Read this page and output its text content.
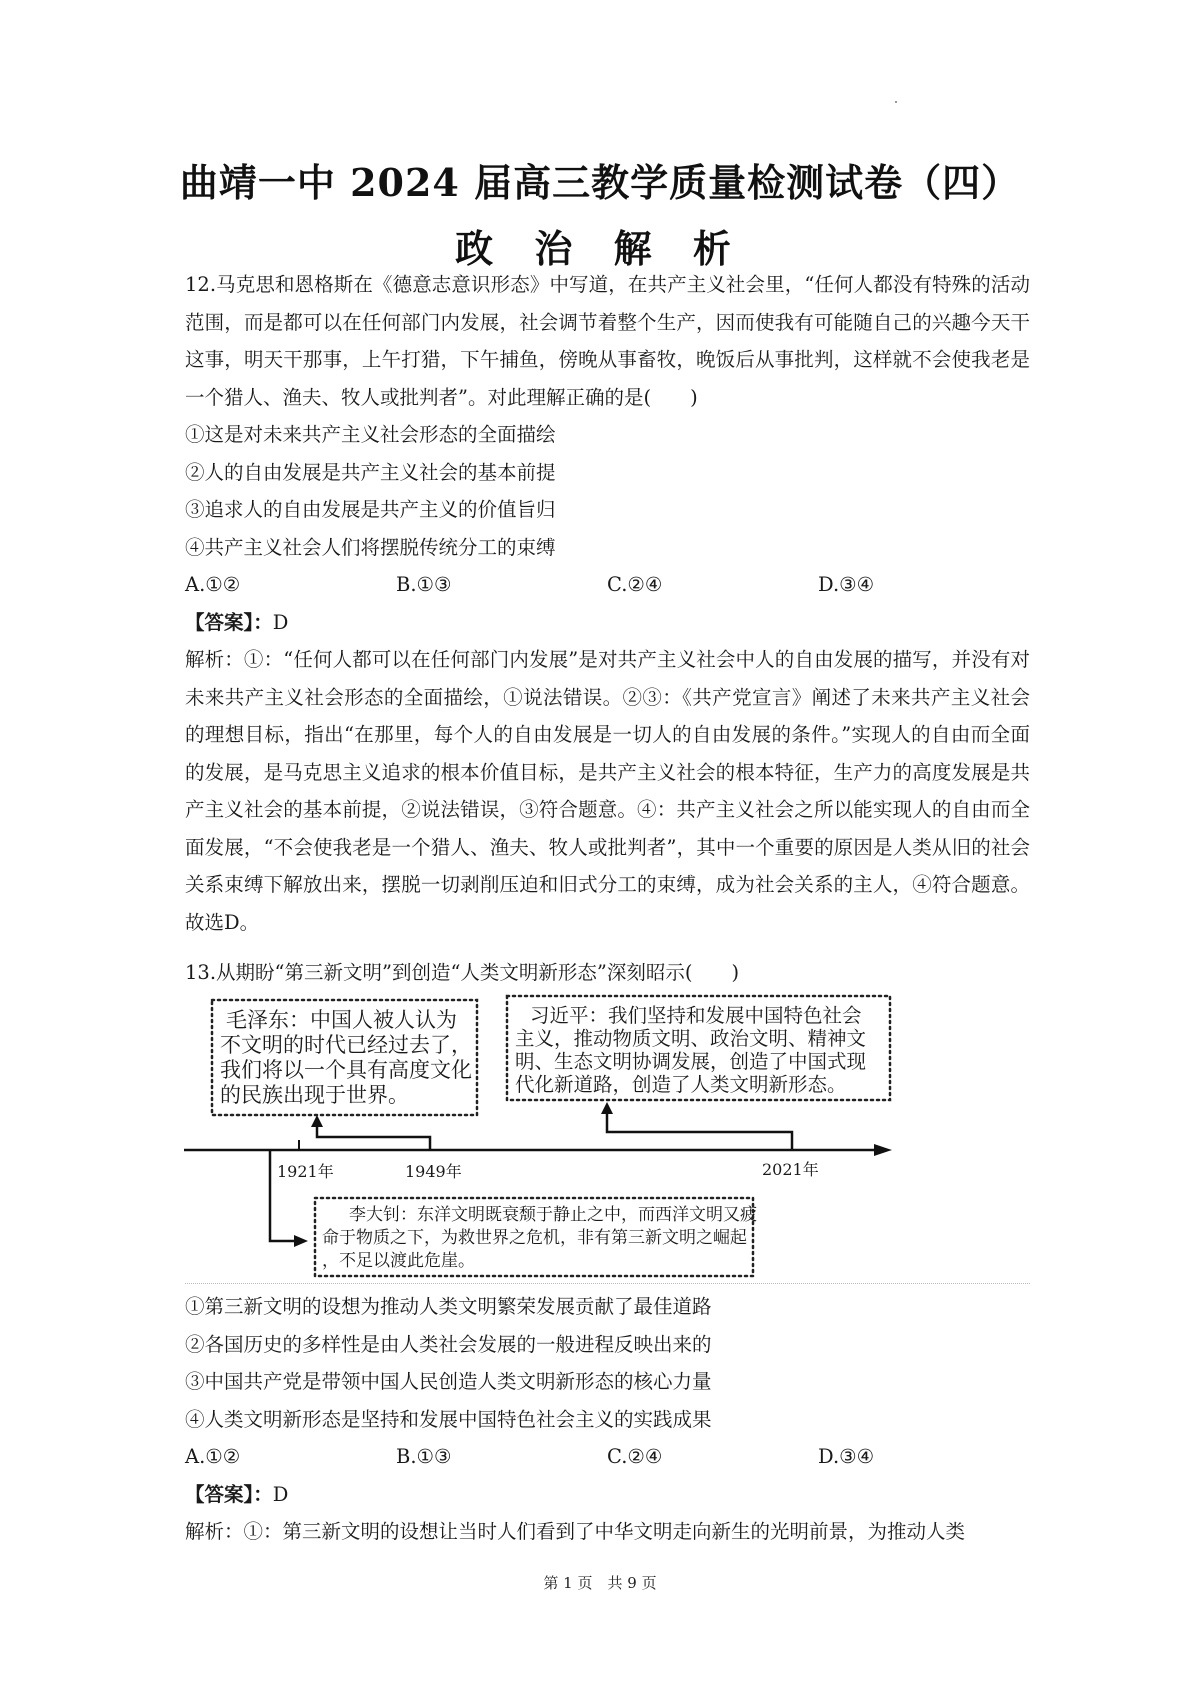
曲靖一中 2024 届高三教学质量检测试卷（四）
政 治 解 析

12.马克思和恩格斯在《德意志意识形态》中写道，在共产主义社会里，“任何人都没有特殊的活动范围，而是都可以在任何部门内发展，社会调节着整个生产，因而使我有可能随自己的兴趣今天干这事，明天干那事，上午打猎，下午捕鱼，傍晚从事畜牧，晚饭后从事批判，这样就不会使我老是一个猎人、渔夫、牧人或批判者”。对此理解正确的是(　　)

①这是对未来共产主义社会形态的全面描绘

②人的自由发展是共产主义社会的基本前提

③追求人的自由发展是共产主义的价值旨归

④共产主义社会人们将摆脱传统分工的束缚

A.①②	B.①③	C.②④	D.③④

【答案】：D

解析：①：“任何人都可以在任何部门内发展”是对共产主义社会中人的自由发展的描写，并没有对未来共产主义社会形态的全面描绘，①说法错误。②③：《共产党宣言》阐述了未来共产主义社会的理想目标，指出“在那里，每个人的自由发展是一切人的自由发展的条件。”实现人的自由而全面的发展，是马克思主义追求的根本价值目标，是共产主义社会的根本特征，生产力的高度发展是共产主义社会的基本前提，②说法错误，③符合题意。④：共产主义社会之所以能实现人的自由而全面发展，“不会使我老是一个猎人、渔夫、牧人或批判者”，其中一个重要的原因是人类从旧的社会关系束缚下解放出来，摆脱一切剥削压迫和旧式分工的束缚，成为社会关系的主人，④符合题意。故选D。

13.从期盼“第三新文明”到创造“人类文明新形态”深刻昭示(　　)
毛泽东：中国人被人认为
不文明的时代已经过去了，
我们将以一个具有高度文化
的民族出现于世界。
习近平：我们坚持和发展中国特色社会
主义，推动物质文明、政治文明、精神文
明、生态文明协调发展，创造了中国式现
代化新道路，创造了人类文明新形态。
1921年	1949年	2021年
李大钊：东洋文明既衰颓于静止之中，而西洋文明又疲
命于物质之下，为救世界之危机，非有第三新文明之崛起
，不足以渡此危崖。

①第三新文明的设想为推动人类文明繁荣发展贡献了最佳道路

②各国历史的多样性是由人类社会发展的一般进程反映出来的

③中国共产党是带领中国人民创造人类文明新形态的核心力量

④人类文明新形态是坚持和发展中国特色社会主义的实践成果

A.①②	B.①③	C.②④	D.③④

【答案】：D

解析：①：第三新文明的设想让当时人们看到了中华文明走向新生的光明前景，为推动人类

第 1 页　共 9 页
